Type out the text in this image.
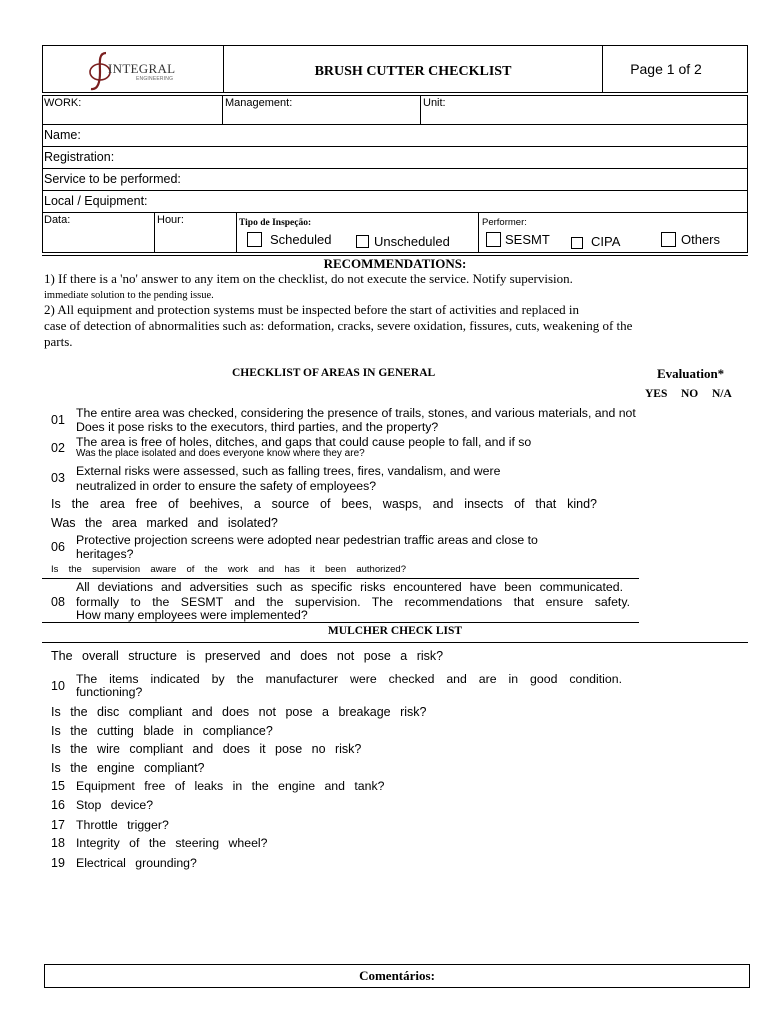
INTEGRAL
ENGINEERING	BRUSH CUTTER CHECKLIST	Page 1 of 2
WORK:	Management:	Unit:
Name:
Registration:
Service to be performed:
Local / Equipment:
Data:	Hour:	Tipo de Inspeção:	Performer:
Scheduled	Unscheduled	SESMT	CIPA	Others
RECOMMENDATIONS:
1) If there is a 'no' answer to any item on the checklist, do not execute the service. Notify supervision.
immediate solution to the pending issue.
2) All equipment and protection systems must be inspected before the start of activities and replaced in
case of detection of abnormalities such as: deformation, cracks, severe oxidation, fissures, cuts, weakening of the
parts.
CHECKLIST OF AREAS IN GENERAL	Evaluation*
YES NO N/A
01 The entire area was checked, considering the presence of trails, stones, and various materials, and not
Does it pose risks to the executors, third parties, and the property?
02 The area is free of holes, ditches, and gaps that could cause people to fall, and if so
Was the place isolated and does everyone know where they are?
03 External risks were assessed, such as falling trees, fires, vandalism, and were
neutralized in order to ensure the safety of employees?
Is the area free of beehives, a source of bees, wasps, and insects of that kind?
Was the area marked and isolated?
06 Protective projection screens were adopted near pedestrian traffic areas and close to
heritages?
Is the supervision aware of the work and has it been authorized?
08
All deviations and adversities such as specific risks encountered have been communicated.
formally to the SESMT and the supervision. The recommendations that ensure safety.
How many employees were implemented?
MULCHER CHECK LIST
The overall structure is preserved and does not pose a risk?
10 The items indicated by the manufacturer were checked and are in good condition.
functioning?
Is the disc compliant and does not pose a breakage risk?
Is the cutting blade in compliance?
Is the wire compliant and does it pose no risk?
Is the engine compliant?
15 Equipment free of leaks in the engine and tank?
16 Stop device?
17 Throttle trigger?
18 Integrity of the steering wheel?
19 Electrical grounding?
Comentários:
